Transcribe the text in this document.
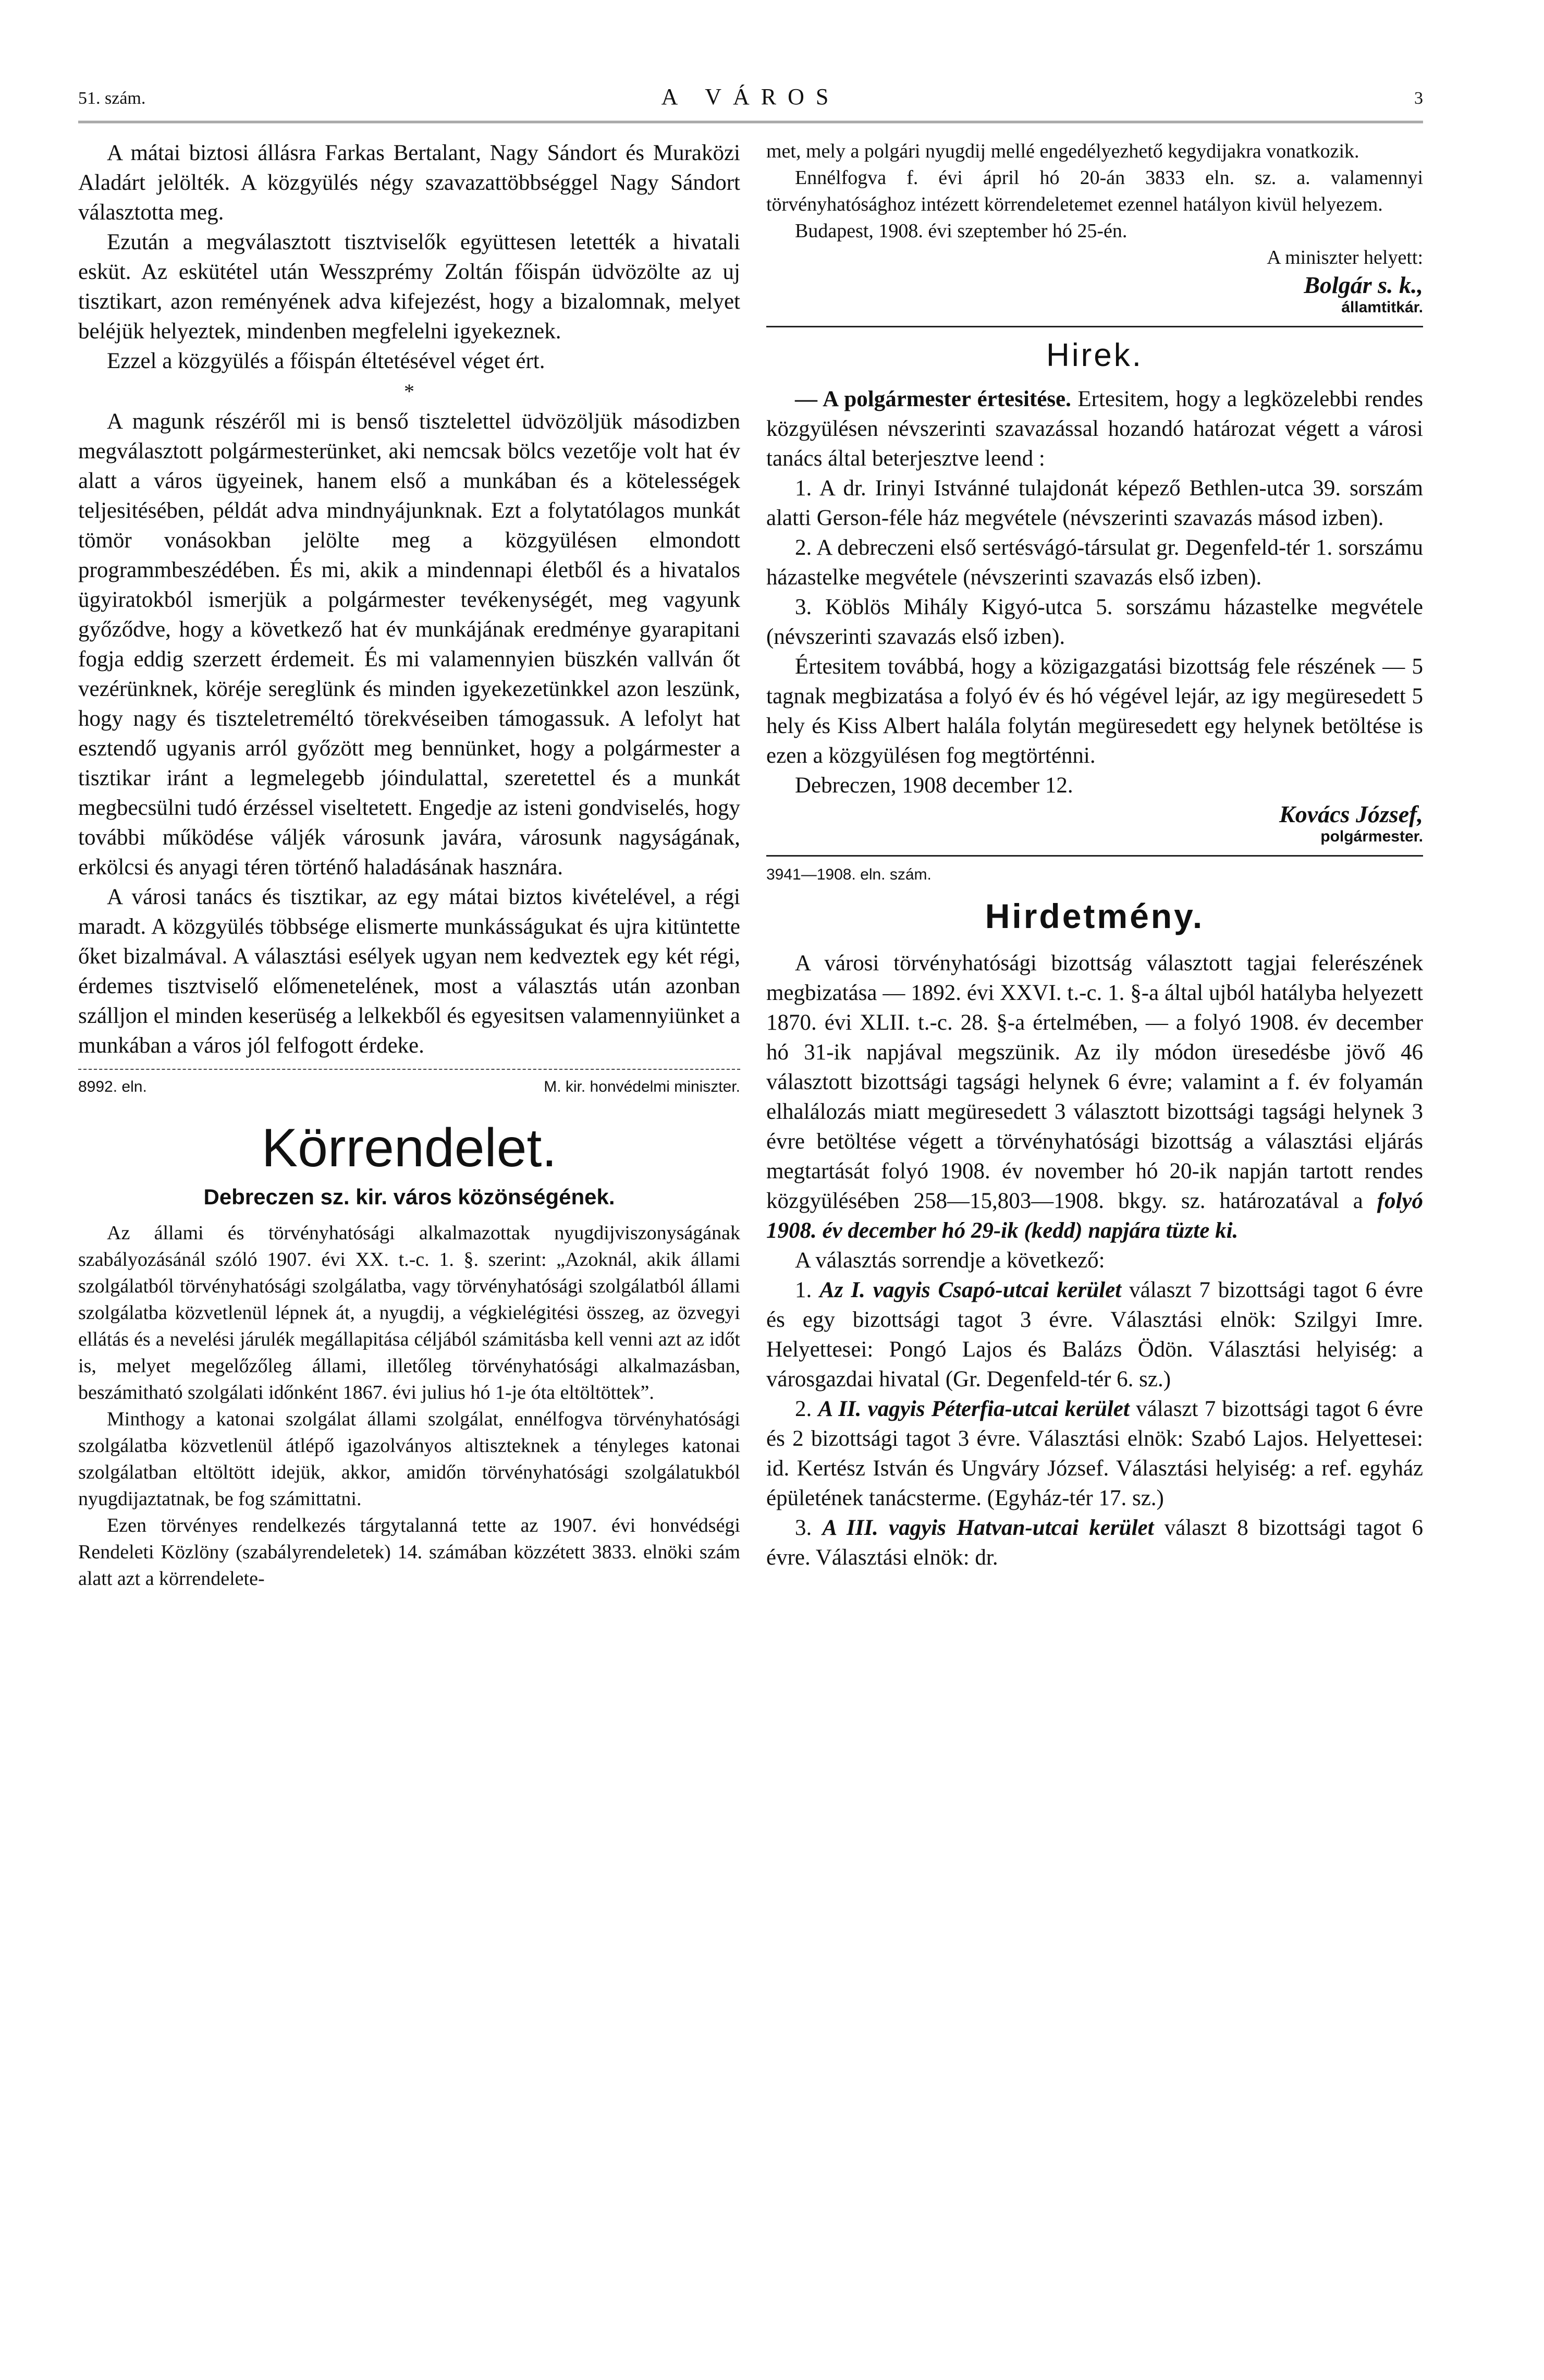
51. szám.	A VÁROS	3

A mátai biztosi állásra Farkas Bertalant, Nagy Sándort és Muraközi Aladárt jelölték. A közgyülés négy szavazattöbbséggel Nagy Sándort választotta meg.

Ezután a megválasztott tisztviselők együttesen letették a hivatali esküt. Az eskütétel után Wesszprémy Zoltán főispán üdvözölte az uj tisztikart, azon reményének adva kifejezést, hogy a bizalomnak, melyet beléjük helyeztek, mindenben megfelelni igyekeznek.

Ezzel a közgyülés a főispán éltetésével véget ért.

*

A magunk részéről mi is benső tisztelettel üdvözöljük másodizben megválasztott polgármesterünket, aki nemcsak bölcs vezetője volt hat év alatt a város ügyeinek, hanem első a munkában és a kötelességek teljesitésében, példát adva mindnyájunknak. Ezt a folytatólagos munkát tömör vonásokban jelölte meg a közgyülésen elmondott programmbeszédében. És mi, akik a mindennapi életből és a hivatalos ügyiratokból ismerjük a polgármester tevékenységét, meg vagyunk győződve, hogy a következő hat év munkájának eredménye gyarapitani fogja eddig szerzett érdemeit. És mi valamennyien büszkén vallván őt vezérünknek, köréje sereglünk és minden igyekezetünkkel azon leszünk, hogy nagy és tiszteletreméltó törekvéseiben támogassuk. A lefolyt hat esztendő ugyanis arról győzött meg bennünket, hogy a polgármester a tisztikar iránt a legmelegebb jóindulattal, szeretettel és a munkát megbecsülni tudó érzéssel viseltetett. Engedje az isteni gondviselés, hogy további működése váljék városunk javára, városunk nagyságának, erkölcsi és anyagi téren történő haladásának hasznára.

A városi tanács és tisztikar, az egy mátai biztos kivételével, a régi maradt. A közgyülés többsége elismerte munkásságukat és ujra kitüntette őket bizalmával. A választási esélyek ugyan nem kedveztek egy két régi, érdemes tisztviselő előmenetelének, most a választás után azonban szálljon el minden keserüség a lelkekből és egyesitsen valamennyiünket a munkában a város jól felfogott érdeke.

8992. eln.	M. kir. honvédelmi miniszter.
Körrendelet.
Debreczen sz. kir. város közönségének.

Az állami és törvényhatósági alkalmazottak nyugdijviszonyságának szabályozásánál szóló 1907. évi XX. t.-c. 1. §. szerint: „Azoknál, akik állami szolgálatból törvényhatósági szolgálatba, vagy törvényhatósági szolgálatból állami szolgálatba közvetlenül lépnek át, a nyugdij, a végkielégitési összeg, az özvegyi ellátás és a nevelési járulék megállapitása céljából számitásba kell venni azt az időt is, melyet megelőzőleg állami, illetőleg törvényhatósági alkalmazásban, beszámitható szolgálati időnként 1867. évi julius hó 1-je óta eltöltöttek”.

Minthogy a katonai szolgálat állami szolgálat, ennélfogva törvényhatósági szolgálatba közvetlenül átlépő igazolványos altiszteknek a tényleges katonai szolgálatban eltöltött idejük, akkor, amidőn törvényhatósági szolgálatukból nyugdijaztatnak, be fog számittatni.

Ezen törvényes rendelkezés tárgytalanná tette az 1907. évi honvédségi Rendeleti Közlöny (szabályrendeletek) 14. számában közzétett 3833. elnöki szám alatt azt a körrendelete-

met, mely a polgári nyugdij mellé engedélyezhető kegydijakra vonatkozik.

Ennélfogva f. évi ápril hó 20-án 3833 eln. sz. a. valamennyi törvényhatósághoz intézett körrendeletemet ezennel hatályon kivül helyezem.

Budapest, 1908. évi szeptember hó 25-én.

A miniszter helyett:

Bolgár s. k.,

államtitkár.

Hirek.

— A polgármester értesitése. Ertesitem, hogy a legközelebbi rendes közgyülésen névszerinti szavazással hozandó határozat végett a városi tanács által beterjesztve leend :

1. A dr. Irinyi Istvánné tulajdonát képező Bethlen-utca 39. sorszám alatti Gerson-féle ház megvétele (névszerinti szavazás másod izben).

2. A debreczeni első sertésvágó-társulat gr. Degenfeld-tér 1. sorszámu házastelke megvétele (névszerinti szavazás első izben).

3. Köblös Mihály Kigyó-utca 5. sorszámu házastelke megvétele (névszerinti szavazás első izben).

Értesitem továbbá, hogy a közigazgatási bizottság fele részének — 5 tagnak megbizatása a folyó év és hó végével lejár, az igy megüresedett 5 hely és Kiss Albert halála folytán megüresedett egy helynek betöltése is ezen a közgyülésen fog megtörténni.

Debreczen, 1908 december 12.

Kovács József,

polgármester.

3941—1908. eln. szám.
Hirdetmény.

A városi törvényhatósági bizottság választott tagjai felerészének megbizatása — 1892. évi XXVI. t.-c. 1. §-a által ujból hatályba helyezett 1870. évi XLII. t.-c. 28. §-a értelmében, — a folyó 1908. év december hó 31-ik napjával megszünik. Az ily módon üresedésbe jövő 46 választott bizottsági tagsági helynek 6 évre; valamint a f. év folyamán elhalálozás miatt megüresedett 3 választott bizottsági tagsági helynek 3 évre betöltése végett a törvényhatósági bizottság a választási eljárás megtartását folyó 1908. év november hó 20-ik napján tartott rendes közgyülésében 258—15,803—1908. bkgy. sz. határozatával a folyó 1908. év december hó 29-ik (kedd) napjára tüzte ki.

A választás sorrendje a következő:

1. Az I. vagyis Csapó-utcai kerület választ 7 bizottsági tagot 6 évre és egy bizottsági tagot 3 évre. Választási elnök: Szilgyi Imre. Helyettesei: Pongó Lajos és Balázs Ödön. Választási helyiség: a városgazdai hivatal (Gr. Degenfeld-tér 6. sz.)

2. A II. vagyis Péterfia-utcai kerület választ 7 bizottsági tagot 6 évre és 2 bizottsági tagot 3 évre. Választási elnök: Szabó Lajos. Helyettesei: id. Kertész István és Ungváry József. Választási helyiség: a ref. egyház épületének tanácsterme. (Egyház-tér 17. sz.)

3. A III. vagyis Hatvan-utcai kerület választ 8 bizottsági tagot 6 évre. Választási elnök: dr.
